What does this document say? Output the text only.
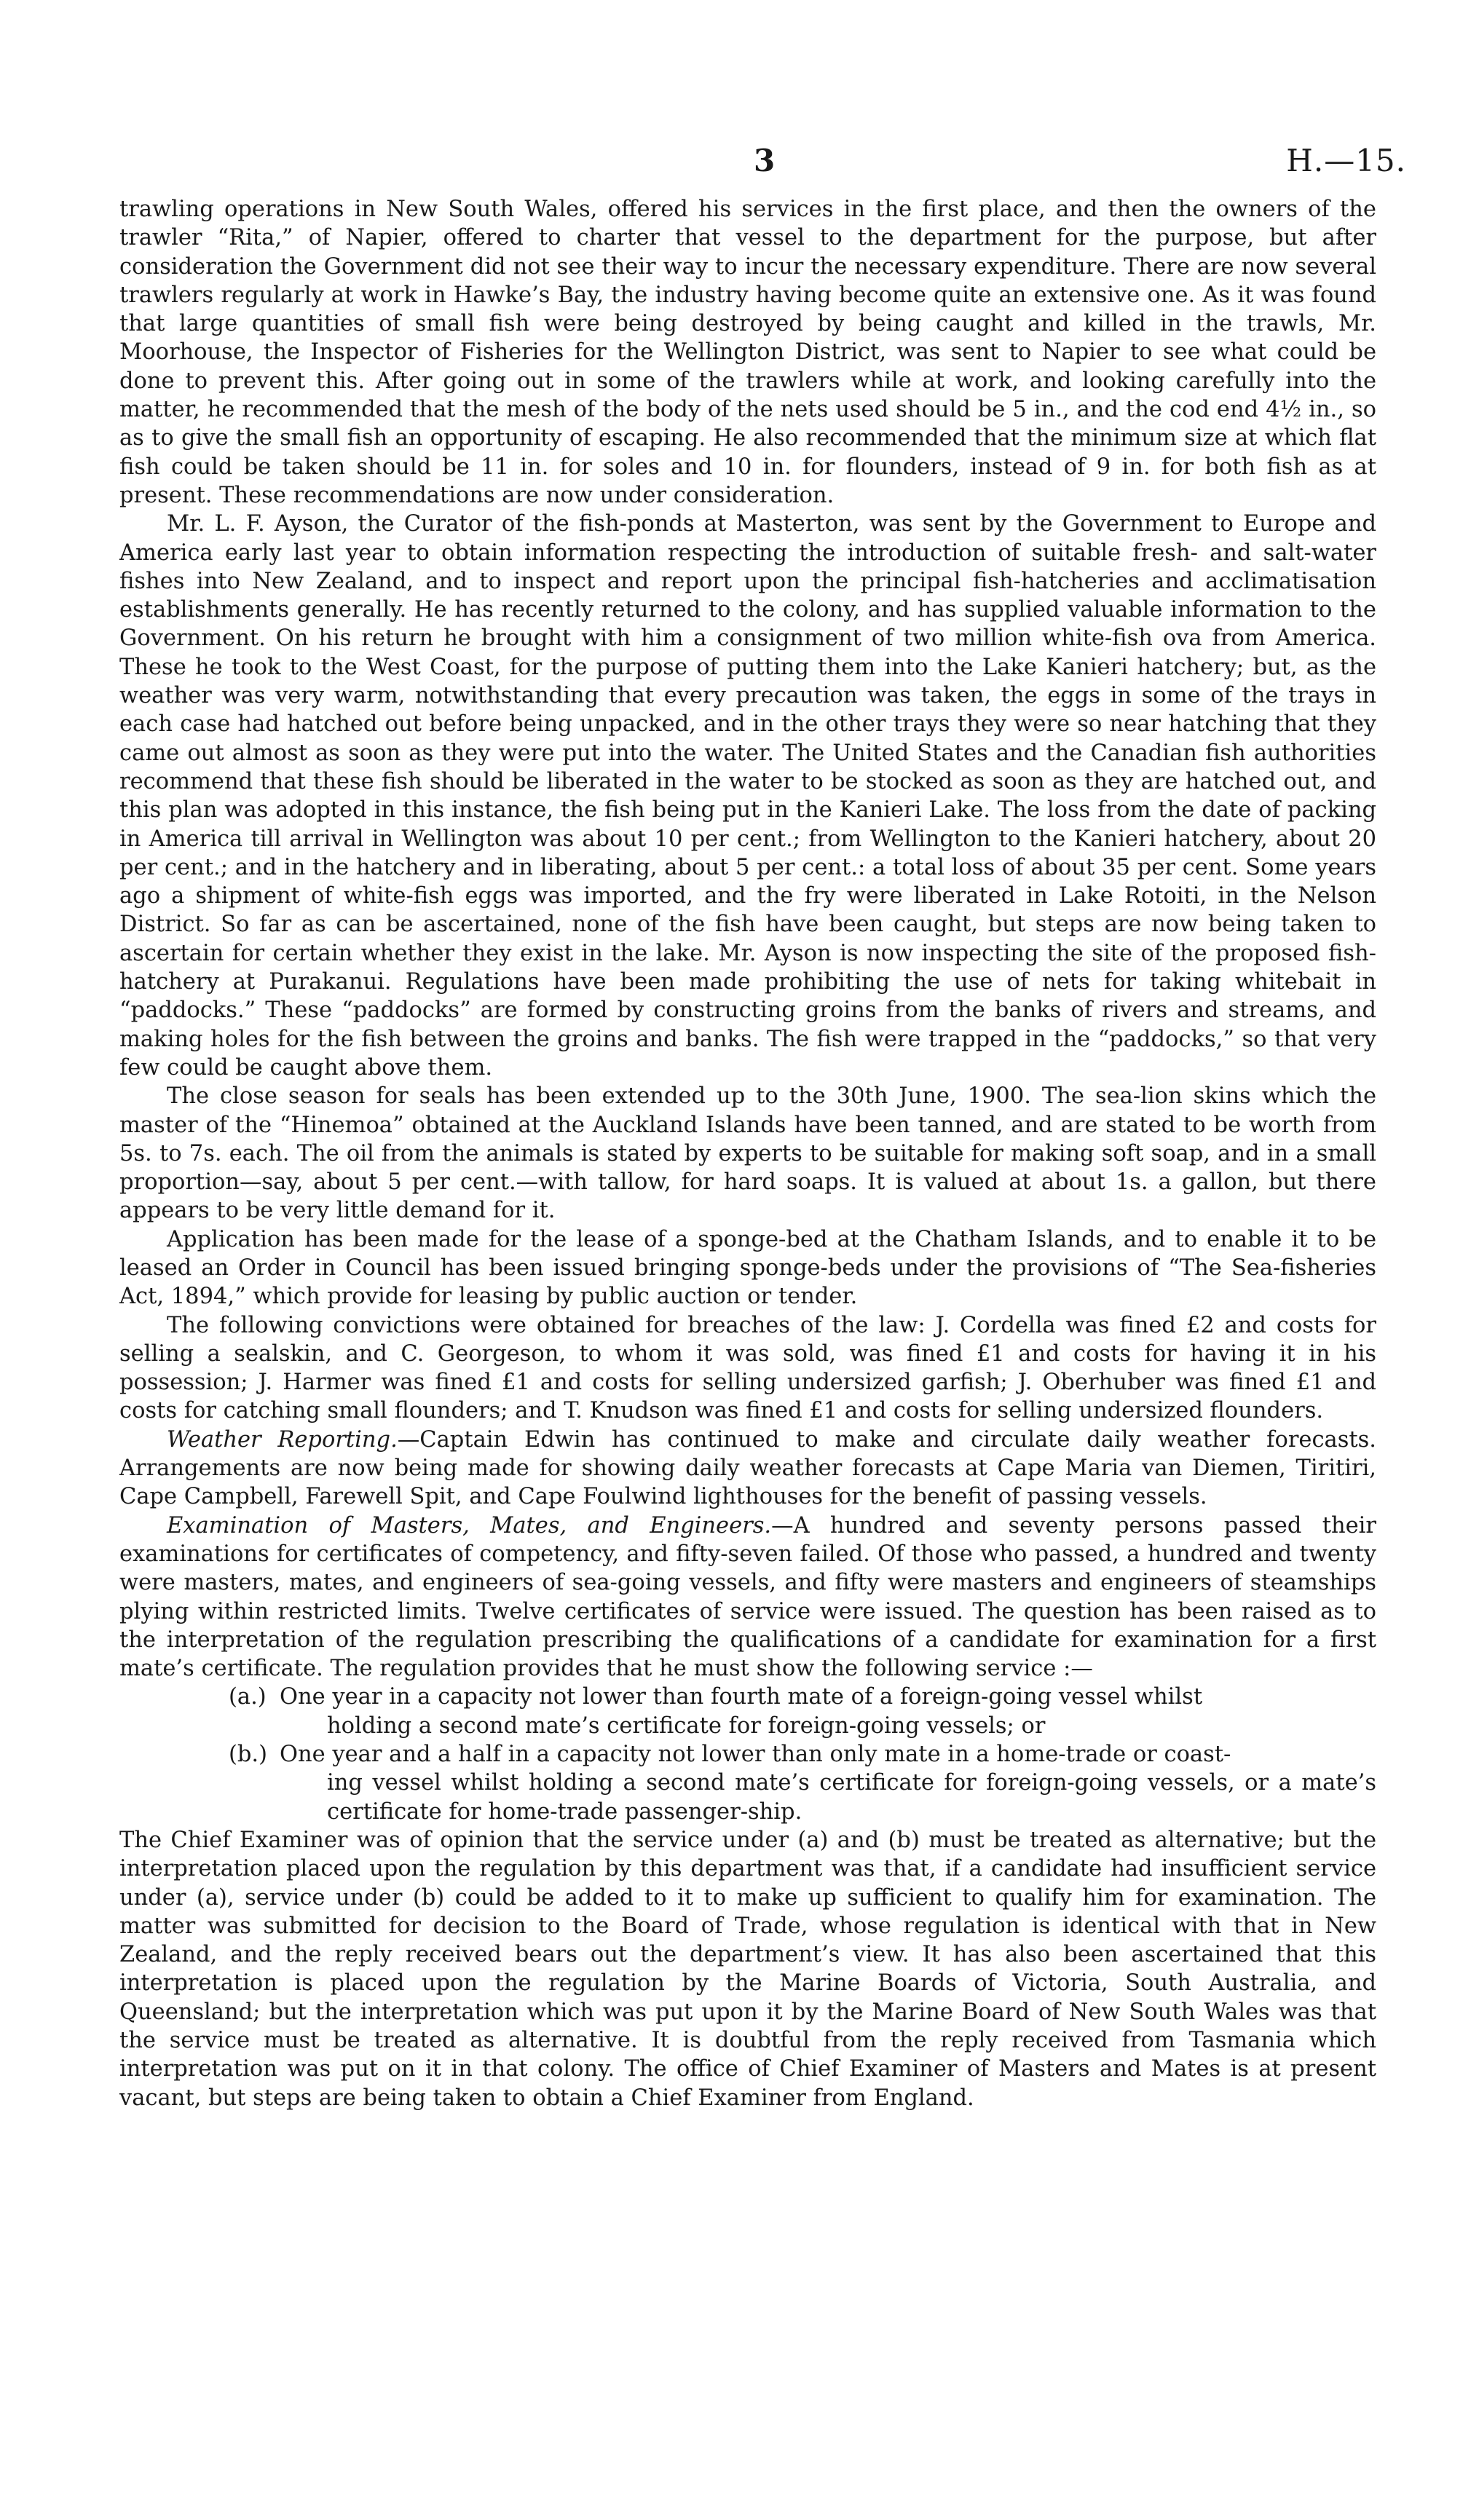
3	H.—15.

trawling operations in New South Wales, offered his services in the first place, and then the owners of the trawler “Rita,” of Napier, offered to charter that vessel to the department for the purpose, but after consideration the Government did not see their way to incur the necessary expenditure. There are now several trawlers regularly at work in Hawke’s Bay, the industry having become quite an extensive one. As it was found that large quantities of small fish were being destroyed by being caught and killed in the trawls, Mr. Moorhouse, the Inspector of Fisheries for the Wellington District, was sent to Napier to see what could be done to prevent this. After going out in some of the trawlers while at work, and looking carefully into the matter, he recommended that the mesh of the body of the nets used should be 5 in., and the cod end 4½ in., so as to give the small fish an opportunity of escaping. He also recommended that the minimum size at which flat fish could be taken should be 11 in. for soles and 10 in. for flounders, instead of 9 in. for both fish as at present. These recommendations are now under consideration.

Mr. L. F. Ayson, the Curator of the fish-ponds at Masterton, was sent by the Government to Europe and America early last year to obtain information respecting the introduction of suitable fresh- and salt-water fishes into New Zealand, and to inspect and report upon the principal fish-hatcheries and acclimatisation establishments generally. He has recently returned to the colony, and has supplied valuable information to the Government. On his return he brought with him a consignment of two million white-fish ova from America. These he took to the West Coast, for the purpose of putting them into the Lake Kanieri hatchery; but, as the weather was very warm, notwithstanding that every precaution was taken, the eggs in some of the trays in each case had hatched out before being unpacked, and in the other trays they were so near hatching that they came out almost as soon as they were put into the water. The United States and the Canadian fish authorities recommend that these fish should be liberated in the water to be stocked as soon as they are hatched out, and this plan was adopted in this instance, the fish being put in the Kanieri Lake. The loss from the date of packing in America till arrival in Wellington was about 10 per cent.; from Wellington to the Kanieri hatchery, about 20 per cent.; and in the hatchery and in liberating, about 5 per cent.: a total loss of about 35 per cent. Some years ago a shipment of white-fish eggs was imported, and the fry were liberated in Lake Rotoiti, in the Nelson District. So far as can be ascertained, none of the fish have been caught, but steps are now being taken to ascertain for certain whether they exist in the lake. Mr. Ayson is now inspecting the site of the proposed fish-hatchery at Purakanui. Regulations have been made prohibiting the use of nets for taking whitebait in “paddocks.” These “paddocks” are formed by constructing groins from the banks of rivers and streams, and making holes for the fish between the groins and banks. The fish were trapped in the “paddocks,” so that very few could be caught above them.

The close season for seals has been extended up to the 30th June, 1900. The sea-lion skins which the master of the “Hinemoa” obtained at the Auckland Islands have been tanned, and are stated to be worth from 5s. to 7s. each. The oil from the animals is stated by experts to be suitable for making soft soap, and in a small proportion—say, about 5 per cent.—with tallow, for hard soaps. It is valued at about 1s. a gallon, but there appears to be very little demand for it.

Application has been made for the lease of a sponge-bed at the Chatham Islands, and to enable it to be leased an Order in Council has been issued bringing sponge-beds under the provisions of “The Sea-fisheries Act, 1894,” which provide for leasing by public auction or tender.

The following convictions were obtained for breaches of the law: J. Cordella was fined £2 and costs for selling a sealskin, and C. Georgeson, to whom it was sold, was fined £1 and costs for having it in his possession; J. Harmer was fined £1 and costs for selling undersized garfish; J. Oberhuber was fined £1 and costs for catching small flounders; and T. Knudson was fined £1 and costs for selling undersized flounders.

Weather Reporting.—Captain Edwin has continued to make and circulate daily weather forecasts. Arrangements are now being made for showing daily weather forecasts at Cape Maria van Diemen, Tiritiri, Cape Campbell, Farewell Spit, and Cape Foulwind lighthouses for the benefit of passing vessels.

Examination of Masters, Mates, and Engineers.—A hundred and seventy persons passed their examinations for certificates of competency, and fifty-seven failed. Of those who passed, a hundred and twenty were masters, mates, and engineers of sea-going vessels, and fifty were masters and engineers of steamships plying within restricted limits. Twelve certificates of service were issued. The question has been raised as to the interpretation of the regulation prescribing the qualifications of a candidate for examination for a first mate’s certificate. The regulation provides that he must show the following service :—

(a.) One year in a capacity not lower than fourth mate of a foreign-going vessel whilst
holding a second mate’s certificate for foreign-going vessels; or
(b.) One year and a half in a capacity not lower than only mate in a home-trade or coast-
ing vessel whilst holding a second mate’s certificate for foreign-going vessels, or a mate’s certificate for home-trade passenger-ship.

The Chief Examiner was of opinion that the service under (a) and (b) must be treated as alternative; but the interpretation placed upon the regulation by this department was that, if a candidate had insufficient service under (a), service under (b) could be added to it to make up sufficient to qualify him for examination. The matter was submitted for decision to the Board of Trade, whose regulation is identical with that in New Zealand, and the reply received bears out the department’s view. It has also been ascertained that this interpretation is placed upon the regulation by the Marine Boards of Victoria, South Australia, and Queensland; but the interpretation which was put upon it by the Marine Board of New South Wales was that the service must be treated as alternative. It is doubtful from the reply received from Tasmania which interpretation was put on it in that colony. The office of Chief Examiner of Masters and Mates is at present vacant, but steps are being taken to obtain a Chief Examiner from England.
